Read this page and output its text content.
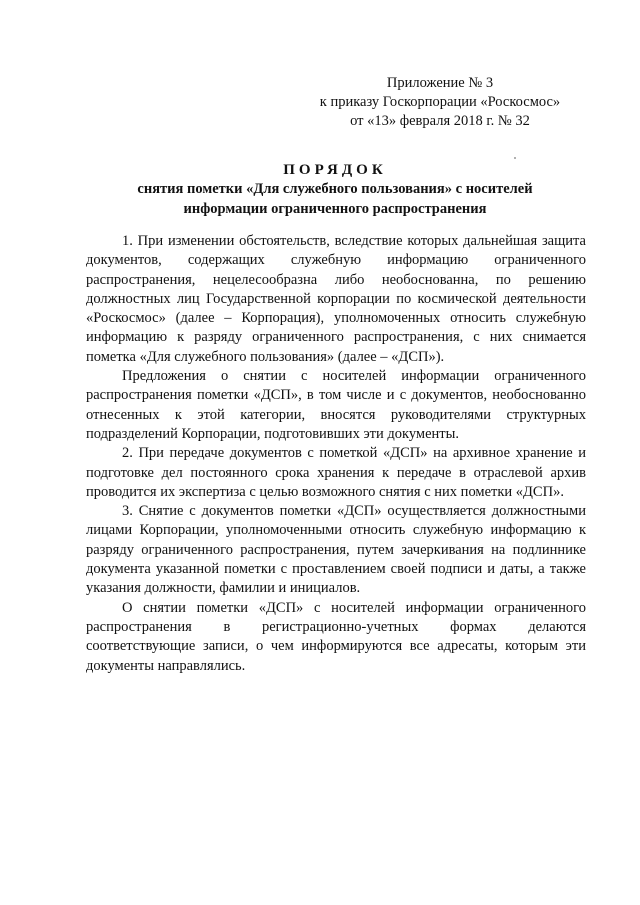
Приложение № 3
к приказу Госкорпорации «Роскосмос»
от «13» февраля 2018 г. № 32
ПОРЯДОК
снятия пометки «Для служебного пользования» с носителей
информации ограниченного распространения

1. При изменении обстоятельств, вследствие которых дальнейшая защита документов, содержащих служебную информацию ограниченного распространения, нецелесообразна либо необоснованна, по решению должностных лиц Государственной корпорации по космической деятельности «Роскосмос» (далее – Корпорация), уполномоченных относить служебную информацию к разряду ограниченного распространения, с них снимается пометка «Для служебного пользования» (далее – «ДСП»).

Предложения о снятии с носителей информации ограниченного распространения пометки «ДСП», в том числе и с документов, необоснованно отнесенных к этой категории, вносятся руководителями структурных подразделений Корпорации, подготовивших эти документы.

2. При передаче документов с пометкой «ДСП» на архивное хранение и подготовке дел постоянного срока хранения к передаче в отраслевой архив проводится их экспертиза с целью возможного снятия с них пометки «ДСП».

3. Снятие с документов пометки «ДСП» осуществляется должностными лицами Корпорации, уполномоченными относить служебную информацию к разряду ограниченного распространения, путем зачеркивания на подлиннике документа указанной пометки с проставлением своей подписи и даты, а также указания должности, фамилии и инициалов.

О снятии пометки «ДСП» с носителей информации ограниченного распространения в регистрационно-учетных формах делаются соответствующие записи, о чем информируются все адресаты, которым эти документы направлялись.
